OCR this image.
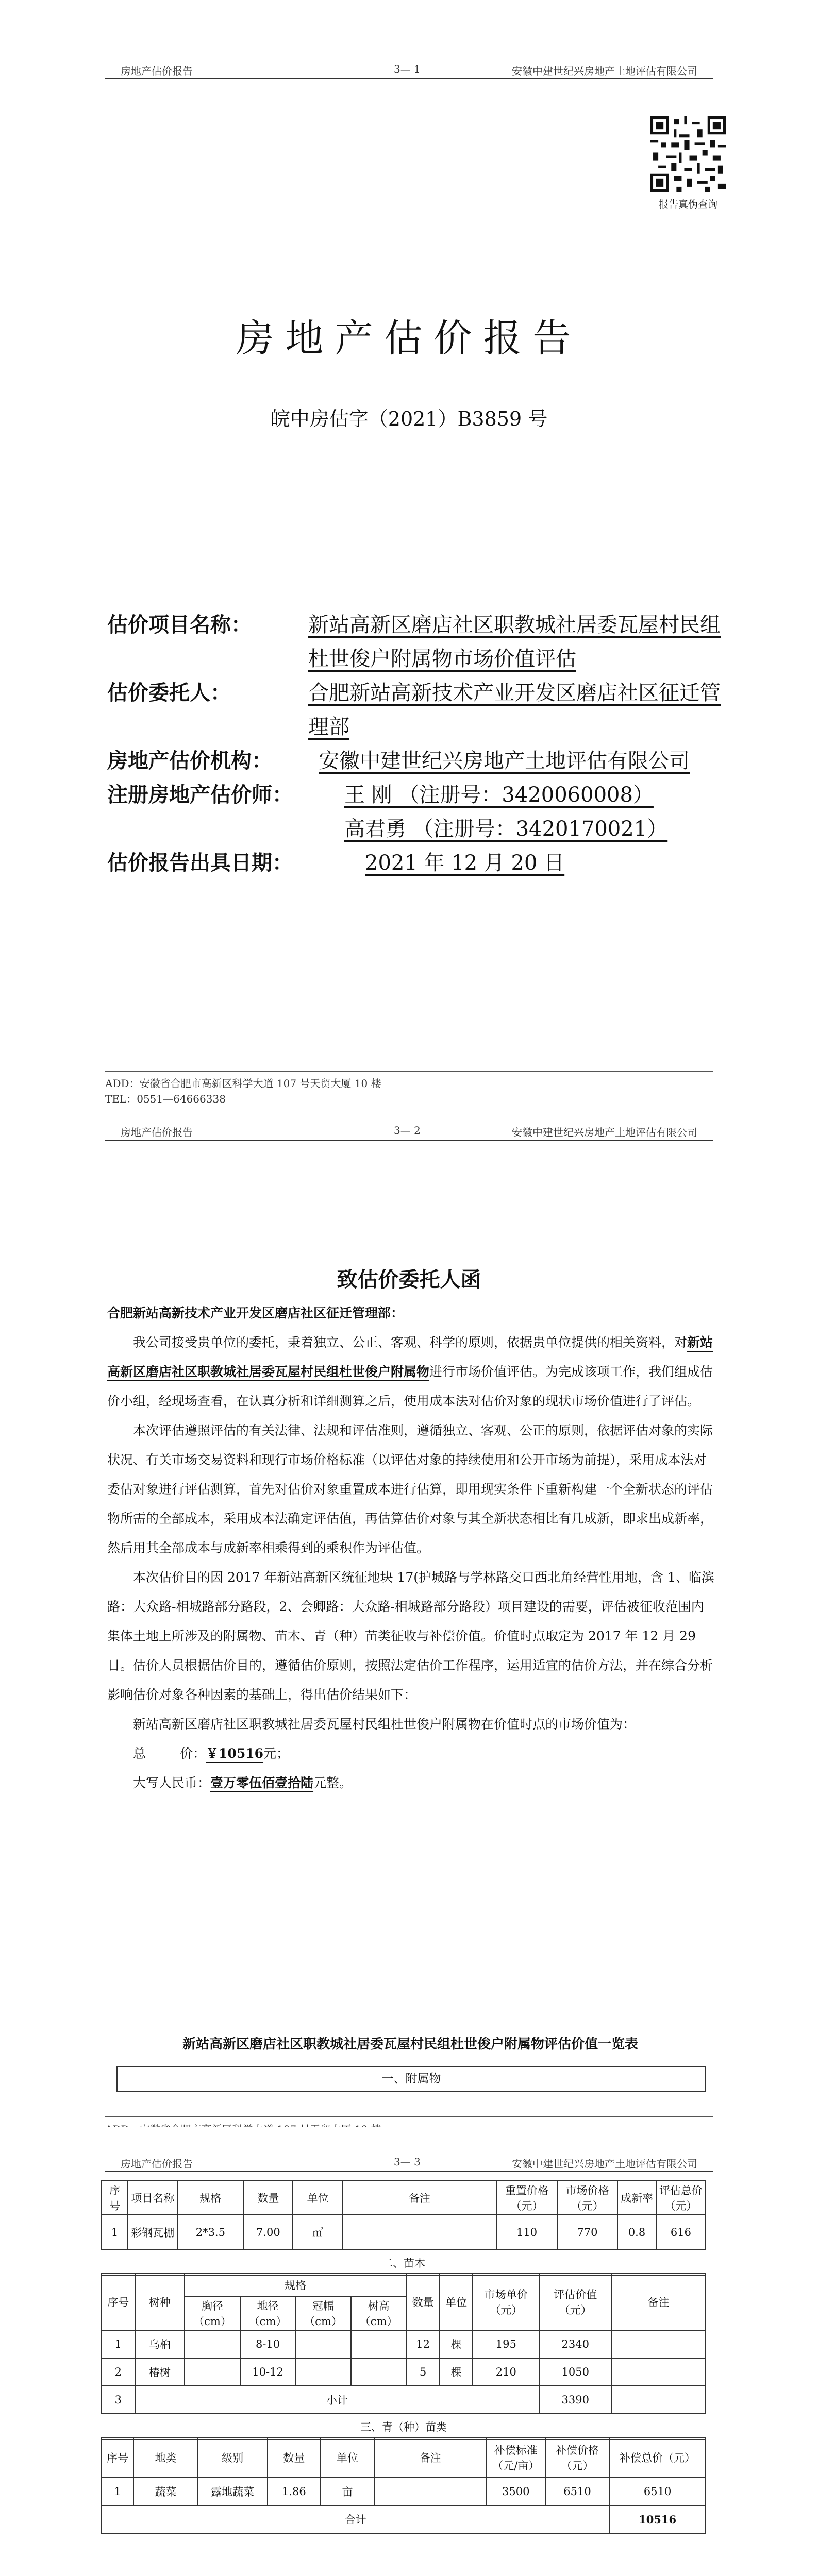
房地产估价报告	3— 1	安徽中建世纪兴房地产土地评估有限公司
报告真伪查询
房地产估价报告
皖中房估字（2021）B3859 号
估价项目名称：	新站高新区磨店社区职教城社居委瓦屋村民组杜世俊户附属物市场价值评估
估价委托人：	合肥新站高新技术产业开发区磨店社区征迁管理部
房地产估价机构：	安徽中建世纪兴房地产土地评估有限公司
注册房地产估价师：	王 刚 （注册号：3420060008）
高君勇 （注册号：3420170021）
估价报告出具日期：	2021 年 12 月 20 日
ADD：安徽省合肥市高新区科学大道 107 号天贸大厦 10 楼
TEL：0551—64666338
房地产估价报告	3— 2	安徽中建世纪兴房地产土地评估有限公司
致估价委托人函

合肥新站高新技术产业开发区磨店社区征迁管理部：

我公司接受贵单位的委托，秉着独立、公正、客观、科学的原则，依据贵单位提供的相关资料，对新站高新区磨店社区职教城社居委瓦屋村民组杜世俊户附属物进行市场价值评估。为完成该项工作，我们组成估价小组，经现场查看，在认真分析和详细测算之后，使用成本法对估价对象的现状市场价值进行了评估。

本次评估遵照评估的有关法律、法规和评估准则，遵循独立、客观、公正的原则，依据评估对象的实际状况、有关市场交易资料和现行市场价格标准（以评估对象的持续使用和公开市场为前提），采用成本法对委估对象进行评估测算，首先对估价对象重置成本进行估算，即用现实条件下重新构建一个全新状态的评估物所需的全部成本，采用成本法确定评估值，再估算估价对象与其全新状态相比有几成新，即求出成新率，然后用其全部成本与成新率相乘得到的乘积作为评估值。

本次估价目的因 2017 年新站高新区统征地块 17(护城路与学林路交口西北角经营性用地，含 1、临滨路：大众路-相城路部分路段，2、会卿路：大众路-相城路部分路段）项目建设的需要，评估被征收范围内集体土地上所涉及的附属物、苗木、青（种）苗类征收与补偿价值。价值时点取定为 2017 年 12 月 29 日。估价人员根据估价目的，遵循估价原则，按照法定估价工作程序，运用适宜的估价方法，并在综合分析影响估价对象各种因素的基础上，得出估价结果如下：

新站高新区磨店社区职教城社居委瓦屋村民组杜世俊户附属物在价值时点的市场价值为：

总	价：￥10516元；

大写人民币：壹万零伍佰壹拾陆元整。

新站高新区磨店社区职教城社居委瓦屋村民组杜世俊户附属物评估价值一览表
一、附属物
房地产估价报告	3— 3	安徽中建世纪兴房地产土地评估有限公司
序号	项目名称	规格	数量	单位	备注	重置价格（元）	市场价格（元）	成新率	评估总价（元）
1	彩钢瓦棚	2*3.5	7.00	㎡		110	770	0.8	616
二、苗木									
序号	树种	规格				数量	单位	市场单价（元）	评估价值（元）	备注
		胸径（cm）	地径（cm）	冠幅（cm）	树高（cm）					
1	乌桕		8-10			12	棵	195	2340	
2	椿树		10-12			5	棵	210	1050	
3	小计								3390	
三、青（种）苗类										
序号	地类	级别	数量	单位	备注	补偿标准（元/亩）	补偿价格（元）	补偿总价（元）
1	蔬菜	露地蔬菜	1.86	亩		3500	6510	6510
合计								10516
